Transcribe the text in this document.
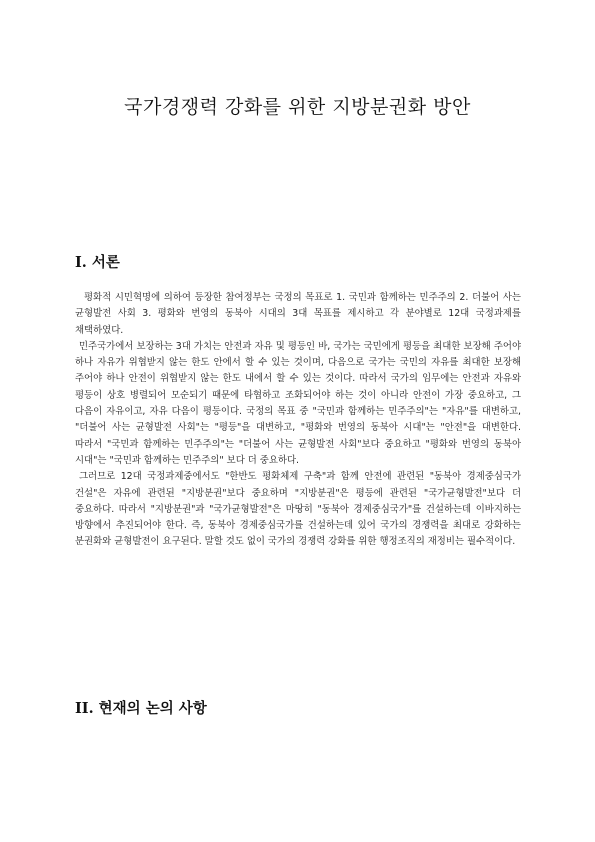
국가경쟁력 강화를 위한 지방분권화 방안
I. 서론

평화적 시민혁명에 의하여 등장한 참여정부는 국정의 목표로 1. 국민과 함께하는 민주주의 2. 더불어 사는 균형발전 사회 3. 평화와 번영의 동북아 시대의 3대 목표를 제시하고 각 분야별로 12대 국정과제를 채택하였다.

민주국가에서 보장하는 3대 가치는 안전과 자유 및 평등인 바, 국가는 국민에게 평등을 최대한 보장해 주어야 하나 자유가 위협받지 않는 한도 안에서 할 수 있는 것이며, 다음으로 국가는 국민의 자유를 최대한 보장해 주어야 하나 안전이 위협받지 않는 한도 내에서 할 수 있는 것이다. 따라서 국가의 임무에는 안전과 자유와 평등이 상호 병렬되어 모순되기 때문에 타협하고 조화되어야 하는 것이 아니라 안전이 가장 중요하고, 그 다음이 자유이고, 자유 다음이 평등이다. 국정의 목표 중 "국민과 함께하는 민주주의"는 "자유"를 대변하고, "더불어 사는 균형발전 사회"는 "평등"을 대변하고, "평화와 번영의 동북아 시대"는 "안전"을 대변한다. 따라서 "국민과 함께하는 민주주의"는 "더불어 사는 균형발전 사회"보다 중요하고 "평화와 번영의 동북아 시대"는 "국민과 함께하는 민주주의" 보다 더 중요하다.

그러므로 12대 국정과제중에서도 "한반도 평화체제 구축"과 함께 안전에 관련된 "동북아 경제중심국가 건설"은 자유에 관련된 "지방분권"보다 중요하며 "지방분권"은 평등에 관련된 "국가균형발전"보다 더 중요하다. 따라서 "지방분권"과 "국가균형발전"은 마땅히 "동북아 경제중심국가"를 건설하는데 이바지하는 방향에서 추진되어야 한다. 즉, 동북아 경제중심국가를 건설하는데 있어 국가의 경쟁력을 최대로 강화하는 분권화와 균형발전이 요구된다. 말할 것도 없이 국가의 경쟁력 강화를 위한 행정조직의 재정비는 필수적이다.

II. 현재의 논의 사항
